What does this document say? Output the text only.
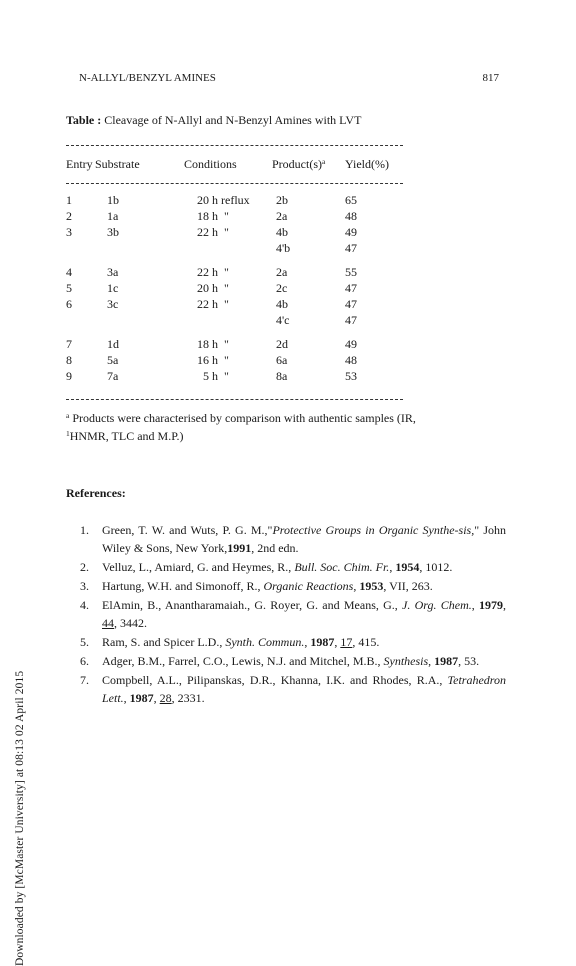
Downloaded by [McMaster University] at 08:13 02 April 2015
N-ALLYL/BENZYL AMINES	817
Table : Cleavage of N-Allyl and N-Benzyl Amines with LVT
Entry Substrate	Conditions	$Product(s)^a$ Yield(%)
1	1b	20 h reflux 2b	65
2	1a	18 h  "	2a	48
3	3b	22 h  "	4b	49
4'b	47
4	3a	22 h  "	2a	55
5	1c	20 h  "	2c	47
6	3c	22 h  "	4b	47
4'c	47
7	1d	18 h  "	2d	49
8	5a	16 h  "	6a	48
9	7a	5 h  "	8a	53
$^a$ Products were characterised by comparison with authentic samples (IR,
$^1$HNMR, TLC and M.P.)
References:
1. Green, T. W. and Wuts, P. G. M.,"Protective Groups in Organic Synthe-sis," John Wiley & Sons, New York,1991, 2nd edn.
2. Velluz, L., Amiard, G. and Heymes, R., Bull. Soc. Chim. Fr., 1954, 1012.
3. Hartung, W.H. and Simonoff, R., Organic Reactions, 1953, VII, 263.
4. ElAmin, B., Anantharamaiah., G. Royer, G. and Means, G., J. Org. Chem., 1979, 44, 3442.
5. Ram, S. and Spicer L.D., Synth. Commun., 1987, 17, 415.
6. Adger, B.M., Farrel, C.O., Lewis, N.J. and Mitchel, M.B., Synthesis, 1987, 53.
7. Compbell, A.L., Pilipanskas, D.R., Khanna, I.K. and Rhodes, R.A., Tetrahedron Lett., 1987, 28, 2331.
